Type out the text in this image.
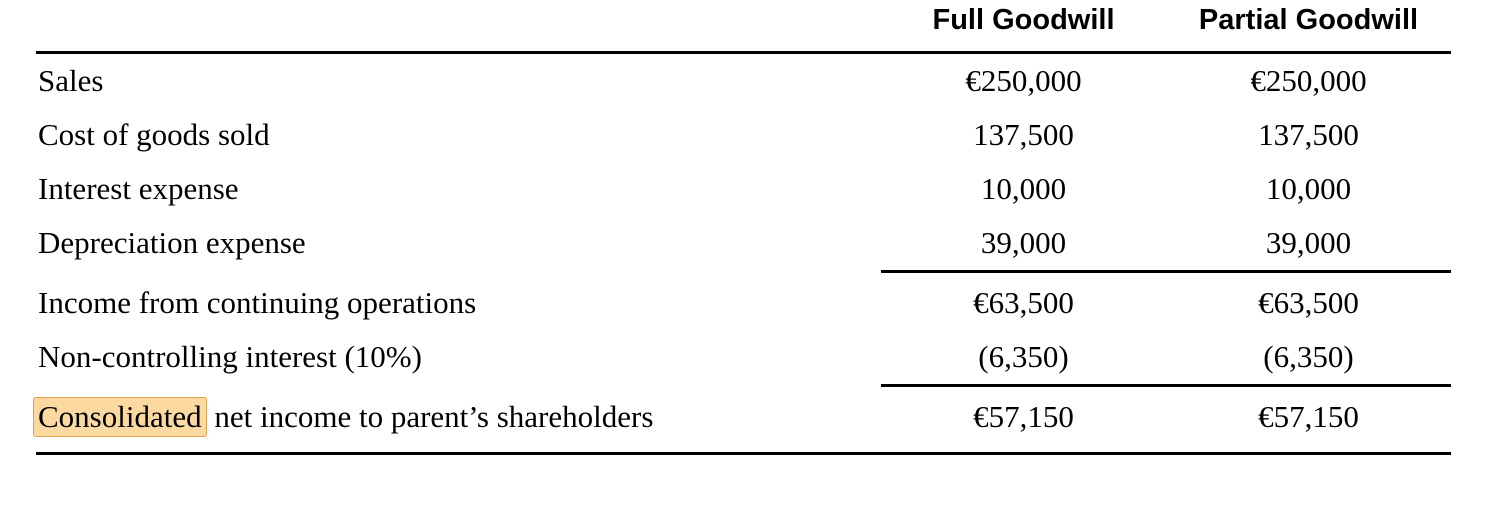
	Full Goodwill	Partial Goodwill

Sales	€250,000	€250,000
Cost of goods sold	137,500	137,500
Interest expense	10,000	10,000
Depreciation expense	39,000	39,000

Income from continuing operations	€63,500	€63,500
Non-controlling interest (10%)	(6,350)	(6,350)

Consolidated net income to parent’s shareholders	€57,150	€57,150
